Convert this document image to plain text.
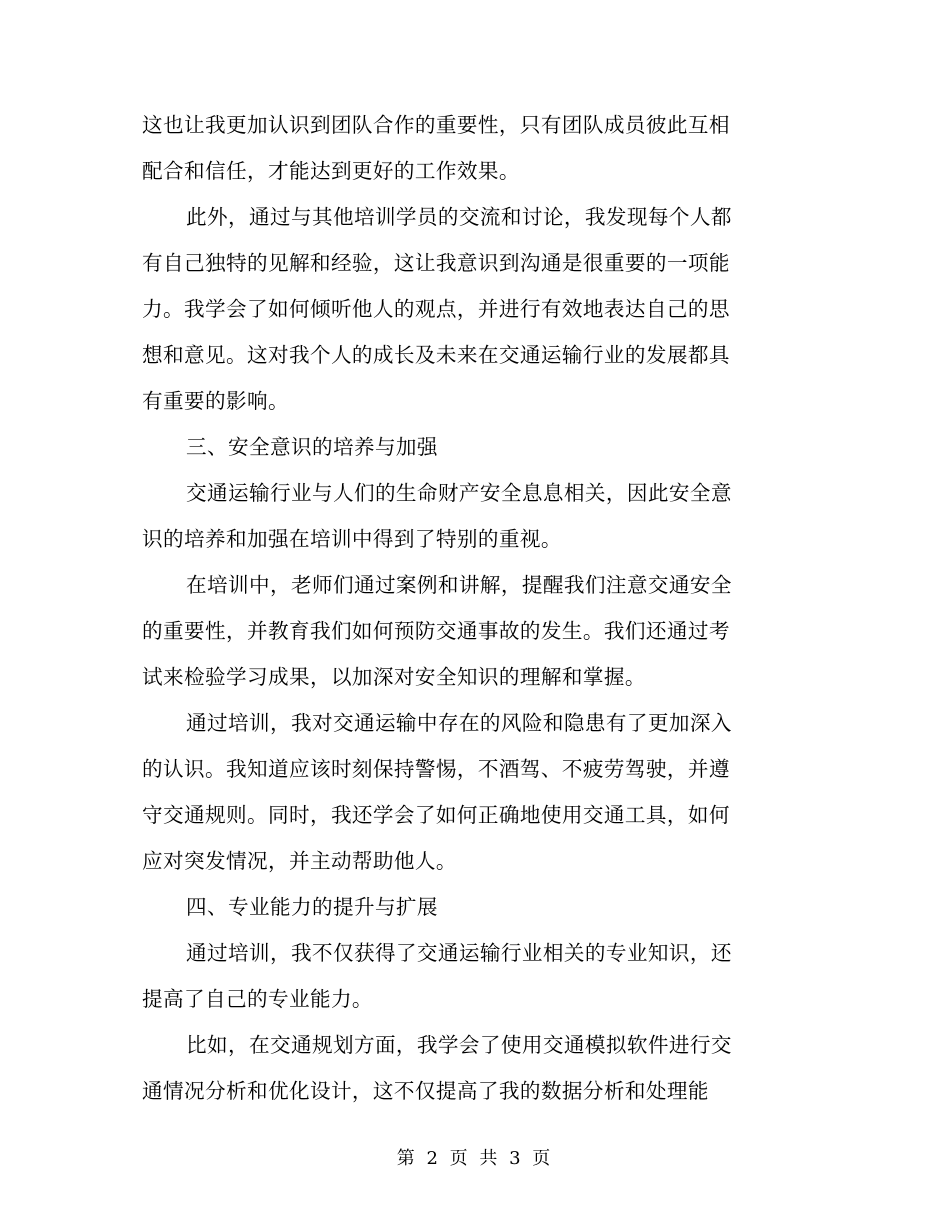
这也让我更加认识到团队合作的重要性，只有团队成员彼此互相
配合和信任，才能达到更好的工作效果。
此外，通过与其他培训学员的交流和讨论，我发现每个人都
有自己独特的见解和经验，这让我意识到沟通是很重要的一项能
力。我学会了如何倾听他人的观点，并进行有效地表达自己的思
想和意见。这对我个人的成长及未来在交通运输行业的发展都具
有重要的影响。
三、安全意识的培养与加强
交通运输行业与人们的生命财产安全息息相关，因此安全意
识的培养和加强在培训中得到了特别的重视。
在培训中，老师们通过案例和讲解，提醒我们注意交通安全
的重要性，并教育我们如何预防交通事故的发生。我们还通过考
试来检验学习成果，以加深对安全知识的理解和掌握。
通过培训，我对交通运输中存在的风险和隐患有了更加深入
的认识。我知道应该时刻保持警惕，不酒驾、不疲劳驾驶，并遵
守交通规则。同时，我还学会了如何正确地使用交通工具，如何
应对突发情况，并主动帮助他人。
四、专业能力的提升与扩展
通过培训，我不仅获得了交通运输行业相关的专业知识，还
提高了自己的专业能力。
比如，在交通规划方面，我学会了使用交通模拟软件进行交
通情况分析和优化设计，这不仅提高了我的数据分析和处理能
第 2 页 共 3 页
